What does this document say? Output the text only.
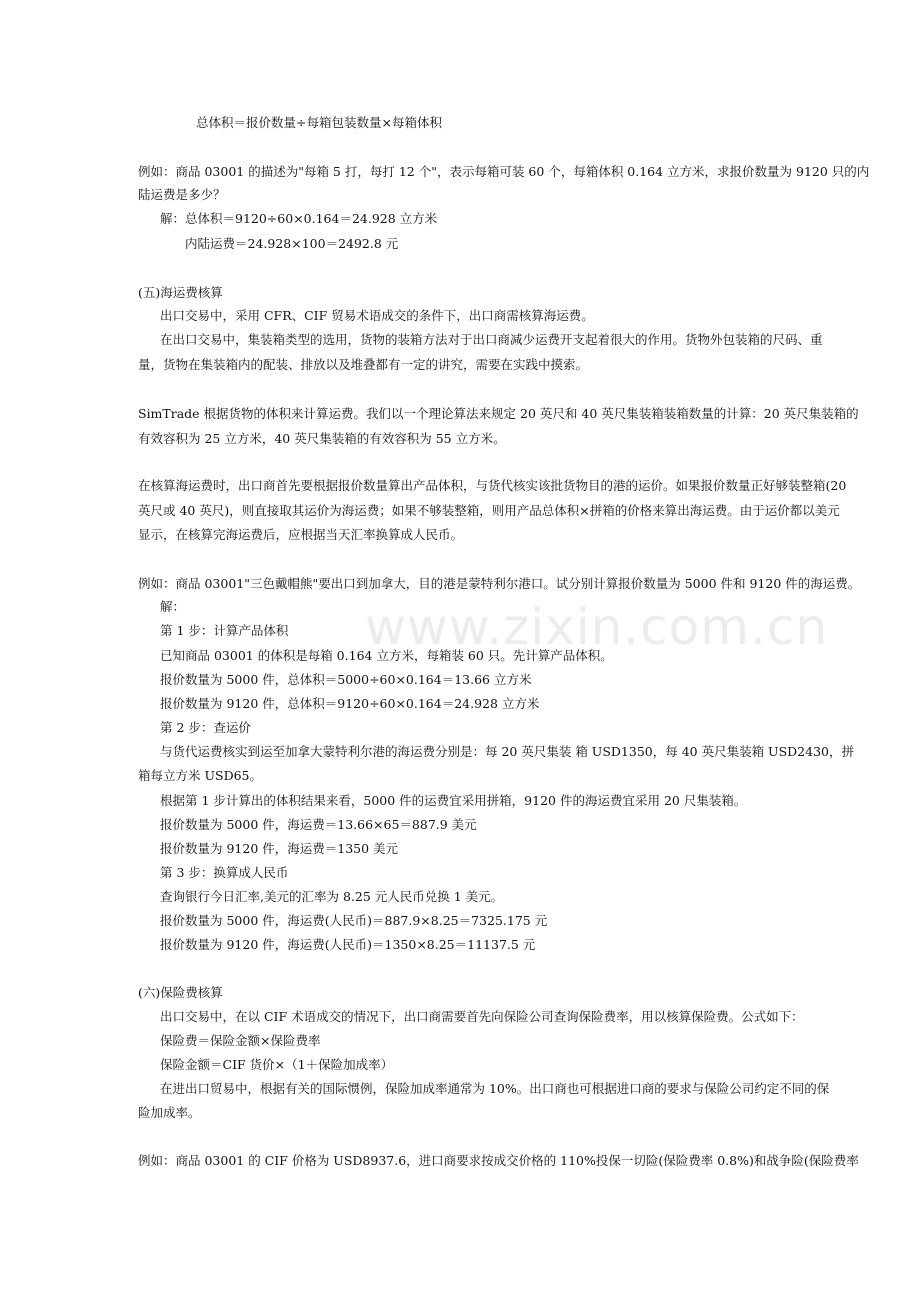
www.zixin.com.cn
总体积＝报价数量÷每箱包装数量×每箱体积
例如：商品 03001 的描述为"每箱 5 打，每打 12 个"，表示每箱可装 60 个，每箱体积 0.164 立方米，求报价数量为 9120 只的内
陆运费是多少？
解：总体积＝9120÷60×0.164＝24.928 立方米
内陆运费＝24.928×100＝2492.8 元
(五)海运费核算
出口交易中，采用 CFR、CIF 贸易术语成交的条件下，出口商需核算海运费。
在出口交易中，集装箱类型的选用，货物的装箱方法对于出口商减少运费开支起着很大的作用。货物外包装箱的尺码、重
量，货物在集装箱内的配装、排放以及堆叠都有一定的讲究，需要在实践中摸索。
SimTrade 根据货物的体积来计算运费。我们以一个理论算法来规定 20 英尺和 40 英尺集装箱装箱数量的计算：20 英尺集装箱的
有效容积为 25 立方米，40 英尺集装箱的有效容积为 55 立方米。
在核算海运费时，出口商首先要根据报价数量算出产品体积，与货代核实该批货物目的港的运价。如果报价数量正好够装整箱(20
英尺或 40 英尺)，则直接取其运价为海运费；如果不够装整箱，则用产品总体积×拼箱的价格来算出海运费。由于运价都以美元
显示，在核算完海运费后，应根据当天汇率换算成人民币。
例如：商品 03001"三色戴帽熊"要出口到加拿大，目的港是蒙特利尔港口。试分别计算报价数量为 5000 件和 9120 件的海运费。
解：
第 1 步：计算产品体积
已知商品 03001 的体积是每箱 0.164 立方米，每箱装 60 只。先计算产品体积。
报价数量为 5000 件，总体积＝5000÷60×0.164＝13.66 立方米
报价数量为 9120 件，总体积＝9120÷60×0.164＝24.928 立方米
第 2 步：查运价
与货代运费核实到运至加拿大蒙特利尔港的海运费分别是：每 20 英尺集装 箱 USD1350，每 40 英尺集装箱 USD2430，拼
箱每立方米 USD65。
根据第 1 步计算出的体积结果来看，5000 件的运费宜采用拼箱，9120 件的海运费宜采用 20 尺集装箱。
报价数量为 5000 件，海运费＝13.66×65＝887.9 美元
报价数量为 9120 件，海运费＝1350 美元
第 3 步：换算成人民币
查询银行今日汇率,美元的汇率为 8.25 元人民币兑换 1 美元。
报价数量为 5000 件，海运费(人民币)＝887.9×8.25＝7325.175 元
报价数量为 9120 件，海运费(人民币)＝1350×8.25＝11137.5 元
(六)保险费核算
出口交易中，在以 CIF 术语成交的情况下，出口商需要首先向保险公司查询保险费率，用以核算保险费。公式如下：
保险费＝保险金额×保险费率
保险金额＝CIF 货价×（1＋保险加成率）
在进出口贸易中，根据有关的国际惯例，保险加成率通常为 10%。出口商也可根据进口商的要求与保险公司约定不同的保
险加成率。
例如：商品 03001 的 CIF 价格为 USD8937.6，进口商要求按成交价格的 110%投保一切险(保险费率 0.8%)和战争险(保险费率
